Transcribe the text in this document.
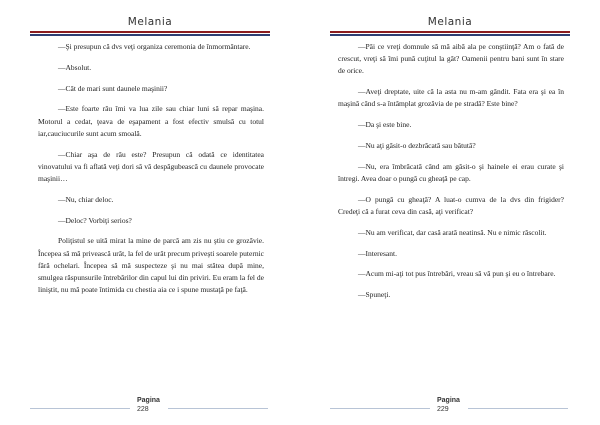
Melania

—Şi presupun că dvs veţi organiza ceremonia de înmormântare.

—Absolut.

—Cât de mari sunt daunele maşinii?

—Este foarte rău îmi va lua zile sau chiar luni să repar maşina. Motorul a cedat, ţeava de eşapament a fost efectiv smulsă cu totul iar,cauciucurile sunt acum smoală.

—Chiar aşa de rău este? Presupun că odată ce identitatea vinovatului va fi aflată veţi dori să vă despăgubească cu daunele provocate maşinii…

—Nu, chiar deloc.

—Deloc? Vorbiţi serios?

Poliţistul se uită mirat la mine de parcă am zis nu ştiu ce grozăvie. Începea să mă privească urât, la fel de urât precum priveşti soarele puternic fără ochelari. Începea să mă suspecteze şi nu mai stătea după mine, smulgea răspunsurile întrebărilor din capul lui din priviri. Eu eram la fel de liniştit, nu mă poate întimida cu chestia aia ce i spune mustaţă pe faţă.

Pagina
228
Melania

—Păi ce vreţi domnule să mă aibă ala pe conştiinţă? Am o fată de crescut, vreţi să îmi pună cuţitul la gât? Oamenii pentru bani sunt în stare de orice.

—Aveţi dreptate, uite că la asta nu m-am gândit. Fata era şi ea în maşină când s-a întâmplat grozăvia de pe stradă? Este bine?

—Da şi este bine.

—Nu aţi găsit-o dezbrăcată sau bătută?

—Nu, era îmbrăcată când am găsit-o şi hainele ei erau curate şi întregi. Avea doar o pungă cu gheaţă pe cap.

—O pungă cu gheaţă? A luat-o cumva de la dvs din frigider? Credeţi că a furat ceva din casă, aţi verificat?

—Nu am verificat, dar casă arată neatinsă. Nu e nimic răscolit.

—Interesant.

—Acum mi-aţi tot pus întrebări, vreau să vă pun şi eu o întrebare.

—Spuneţi.

Pagina
229
